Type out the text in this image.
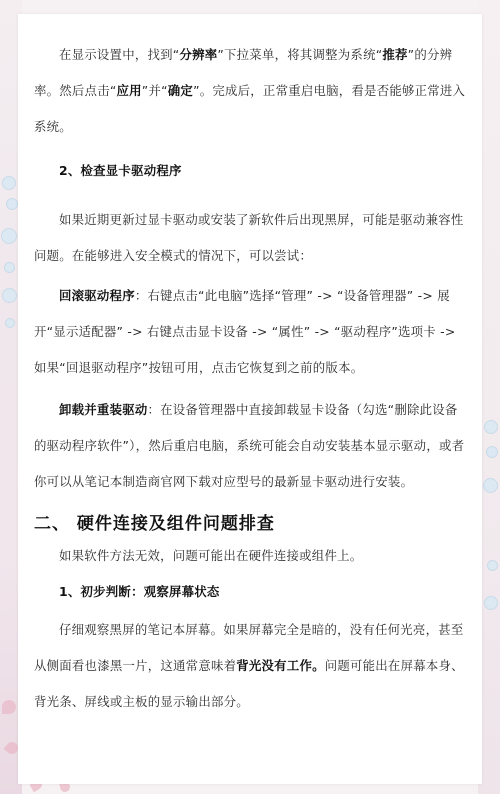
在显示设置中，找到“分辨率”下拉菜单，将其调整为系统“推荐”的分辨率。然后点击“应用”并“确定”。完成后，正常重启电脑，看是否能够正常进入系统。

2、检查显卡驱动程序

如果近期更新过显卡驱动或安装了新软件后出现黑屏，可能是驱动兼容性问题。在能够进入安全模式的情况下，可以尝试：

回滚驱动程序：右键点击“此电脑”选择“管理” -> “设备管理器” -> 展开“显示适配器” -> 右键点击显卡设备 -> “属性” -> “驱动程序”选项卡 -> 如果“回退驱动程序”按钮可用，点击它恢复到之前的版本。

卸载并重装驱动：在设备管理器中直接卸载显卡设备（勾选“删除此设备的驱动程序软件”），然后重启电脑，系统可能会自动安装基本显示驱动，或者你可以从笔记本制造商官网下载对应型号的最新显卡驱动进行安装。

二、 硬件连接及组件问题排查

如果软件方法无效，问题可能出在硬件连接或组件上。

1、初步判断：观察屏幕状态

仔细观察黑屏的笔记本屏幕。如果屏幕完全是暗的，没有任何光亮，甚至从侧面看也漆黑一片，这通常意味着背光没有工作。问题可能出在屏幕本身、背光条、屏线或主板的显示输出部分。
